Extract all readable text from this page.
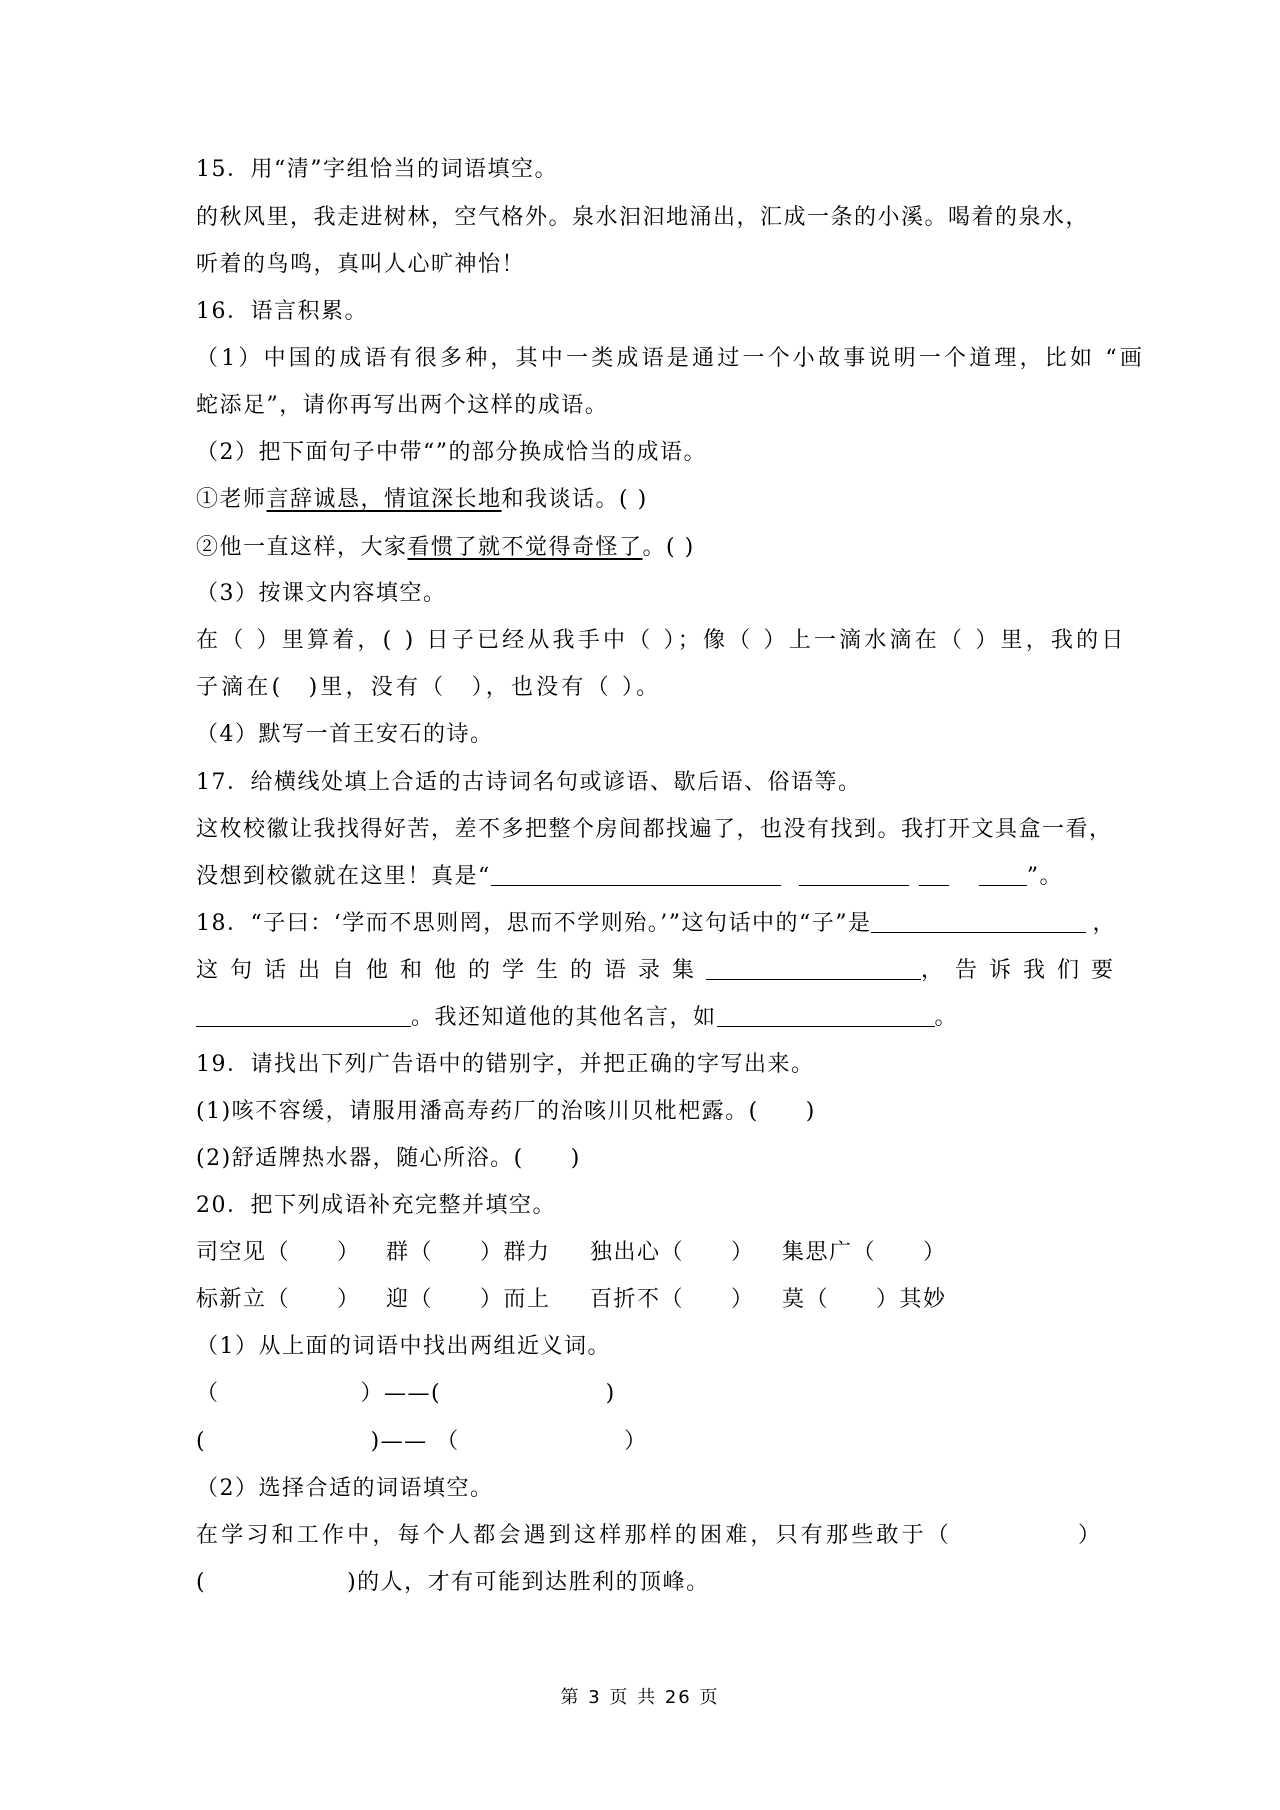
15．用“清”字组恰当的词语填空。
的秋风里，我走进树林，空气格外。泉水汩汩地涌出，汇成一条的小溪。喝着的泉水，
听着的鸟鸣，真叫人心旷神怡！
16．语言积累。
（1）中国的成语有很多种，其中一类成语是通过一个小故事说明一个道理，比如 “画
蛇添足”，请你再写出两个这样的成语。
（2）把下面句子中带“”的部分换成恰当的成语。
①老师言辞诚恳，情谊深长地和我谈话。( )
②他一直这样，大家看惯了就不觉得奇怪了。( )
（3）按课文内容填空。
在（ ）里算着，( ) 日子已经从我手中（ ）；像（ ）上一滴水滴在（ ）里，我的日
子滴在(　)里，没有（　），也没有（ ）。
（4）默写一首王安石的诗。
17．给横线处填上合适的古诗词名句或谚语、歇后语、俗语等。
这枚校徽让我找得好苦，差不多把整个房间都找遍了，也没有找到。我打开文具盒一看，
没想到校徽就在这里！真是“	”。
18．“子曰：‘学而不思则罔，思而不学则殆。’”这句话中的“子”是	，
这句话出自他和他的学生的语录集	，告诉我们要
。我还知道他的其他名言，如	。
19．请找出下列广告语中的错别字，并把正确的字写出来。
(1)咳不容缓，请服用潘高寿药厂的治咳川贝枇杷露。(　　)
(2)舒适牌热水器，随心所浴。(　　)
20．把下列成语补充完整并填空。
司空见（　　） 群（　　）群力 独出心（　　） 集思广（　　）
标新立（　　） 迎（　　）而上 百折不（　　） 莫（　　）其妙
（1）从上面的词语中找出两组近义词。
（　　　　　　）——(　　　　　　　)
(　　　　　　　)—— （　　　　　　　）
（2）选择合适的词语填空。
在学习和工作中，每个人都会遇到这样那样的困难，只有那些敢于（　　　　　）
(　　　　　　)的人，才有可能到达胜利的顶峰。
第 3 页 共 26 页
